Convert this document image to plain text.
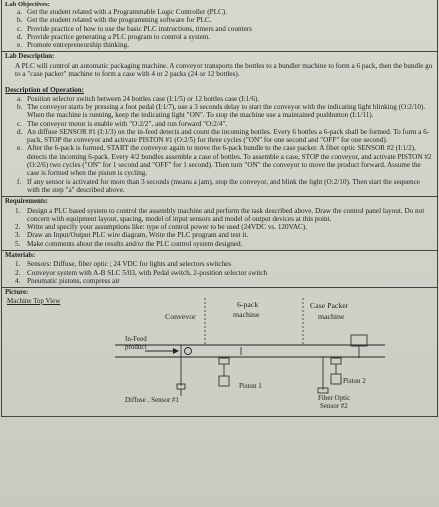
Lab Objectives:
a. Get the student related with a Programmable Logic Controller (PLC).
b. Get the student related with the programming software for PLC.
c. Provide practice of how to use the basic PLC instructions, timers and counters
d. Provide practice generating a PLC program to control a system.
e. Promote entrepreneurship thinking.
Lab Description:
A PLC will control an automatic packaging machine. A conveyor transports the bottles to a bundler machine to form a 6 pack, then the bundle go to a "case packer" machine to form a case with 4 or 2 packs (24 or 12 bottles).
Description of Operation:
a. Position selector switch between 24 bottles case (I:1/5) or 12 bottles case (I:1/6).
b. The conveyor starts by pressing a foot pedal (I:1/7), use a 3 seconds delay to start the conveyor with the indicating light blinking (O:2/10). When the machine is running, keep the indicating light "ON". To stop the machine use a maintained pushbutton (I:1/11).
c. The conveyor motor is enable with "O:2/2", and run forward "O:2/4".
d. An diffuse SENSOR #1 (I:1/3) on the in-feed detects and count the incoming bottles. Every 6 bottles a 6-pack shall be formed. To form a 6-pack, STOP the conveyor and activate PISTON #1 (O:2/5) for three cycles ("ON" for one second and "OFF" for one second).
e. After the 6-pack is formed, START the conveyor again to move the 6-pack bundle to the case packer. A fiber optic SENSOR #2 (I:1/2), detects the incoming 6-pack. Every 4/2 bundles assemble a case of bottles. To assemble a case, STOP the conveyor, and activate PISTON #2 (O:2/6) two cycles ("ON" for 1 second and "OFF" for 1 second). Then turn "ON" the conveyor to move the product forward. Assume the case is formed when the piston is cycling.
f. If any sensor is activated for more than 3 seconds (means a jam), stop the conveyor, and blink the light (O:2/10). Then start the sequence with the step "a" described above.
Requirements:
1. Design a PLC based system to control the assembly machine and perform the task described above. Draw the control panel layout. Do not concern with equipment layout, spacing, model of input sensors and model of output devices at this point.
2. Write and specify your assumptions like: type of control power to be used (24VDC vs. 120VAC).
3. Draw an Input/Output PLC wire diagram, Write the PLC program and test it.
5. Make comments about the results and/or the PLC control system designed.
Materials:
1. Sensors: Diffuse, fiber optic ; 24 VDC for lights and selectors switches
2. Conveyor system with A-B SLC 5/03, with Pedal switch, 2-position selector switch
4. Pneumatic pistons, compress air
Picture:
Machine Top View
Convevor
6-pack
machine
Case Packer
machine
In-Feed
product
Piston 1
Piston 2
Diffuse . Sensor #1	Fiber Optic
Sensor #2
